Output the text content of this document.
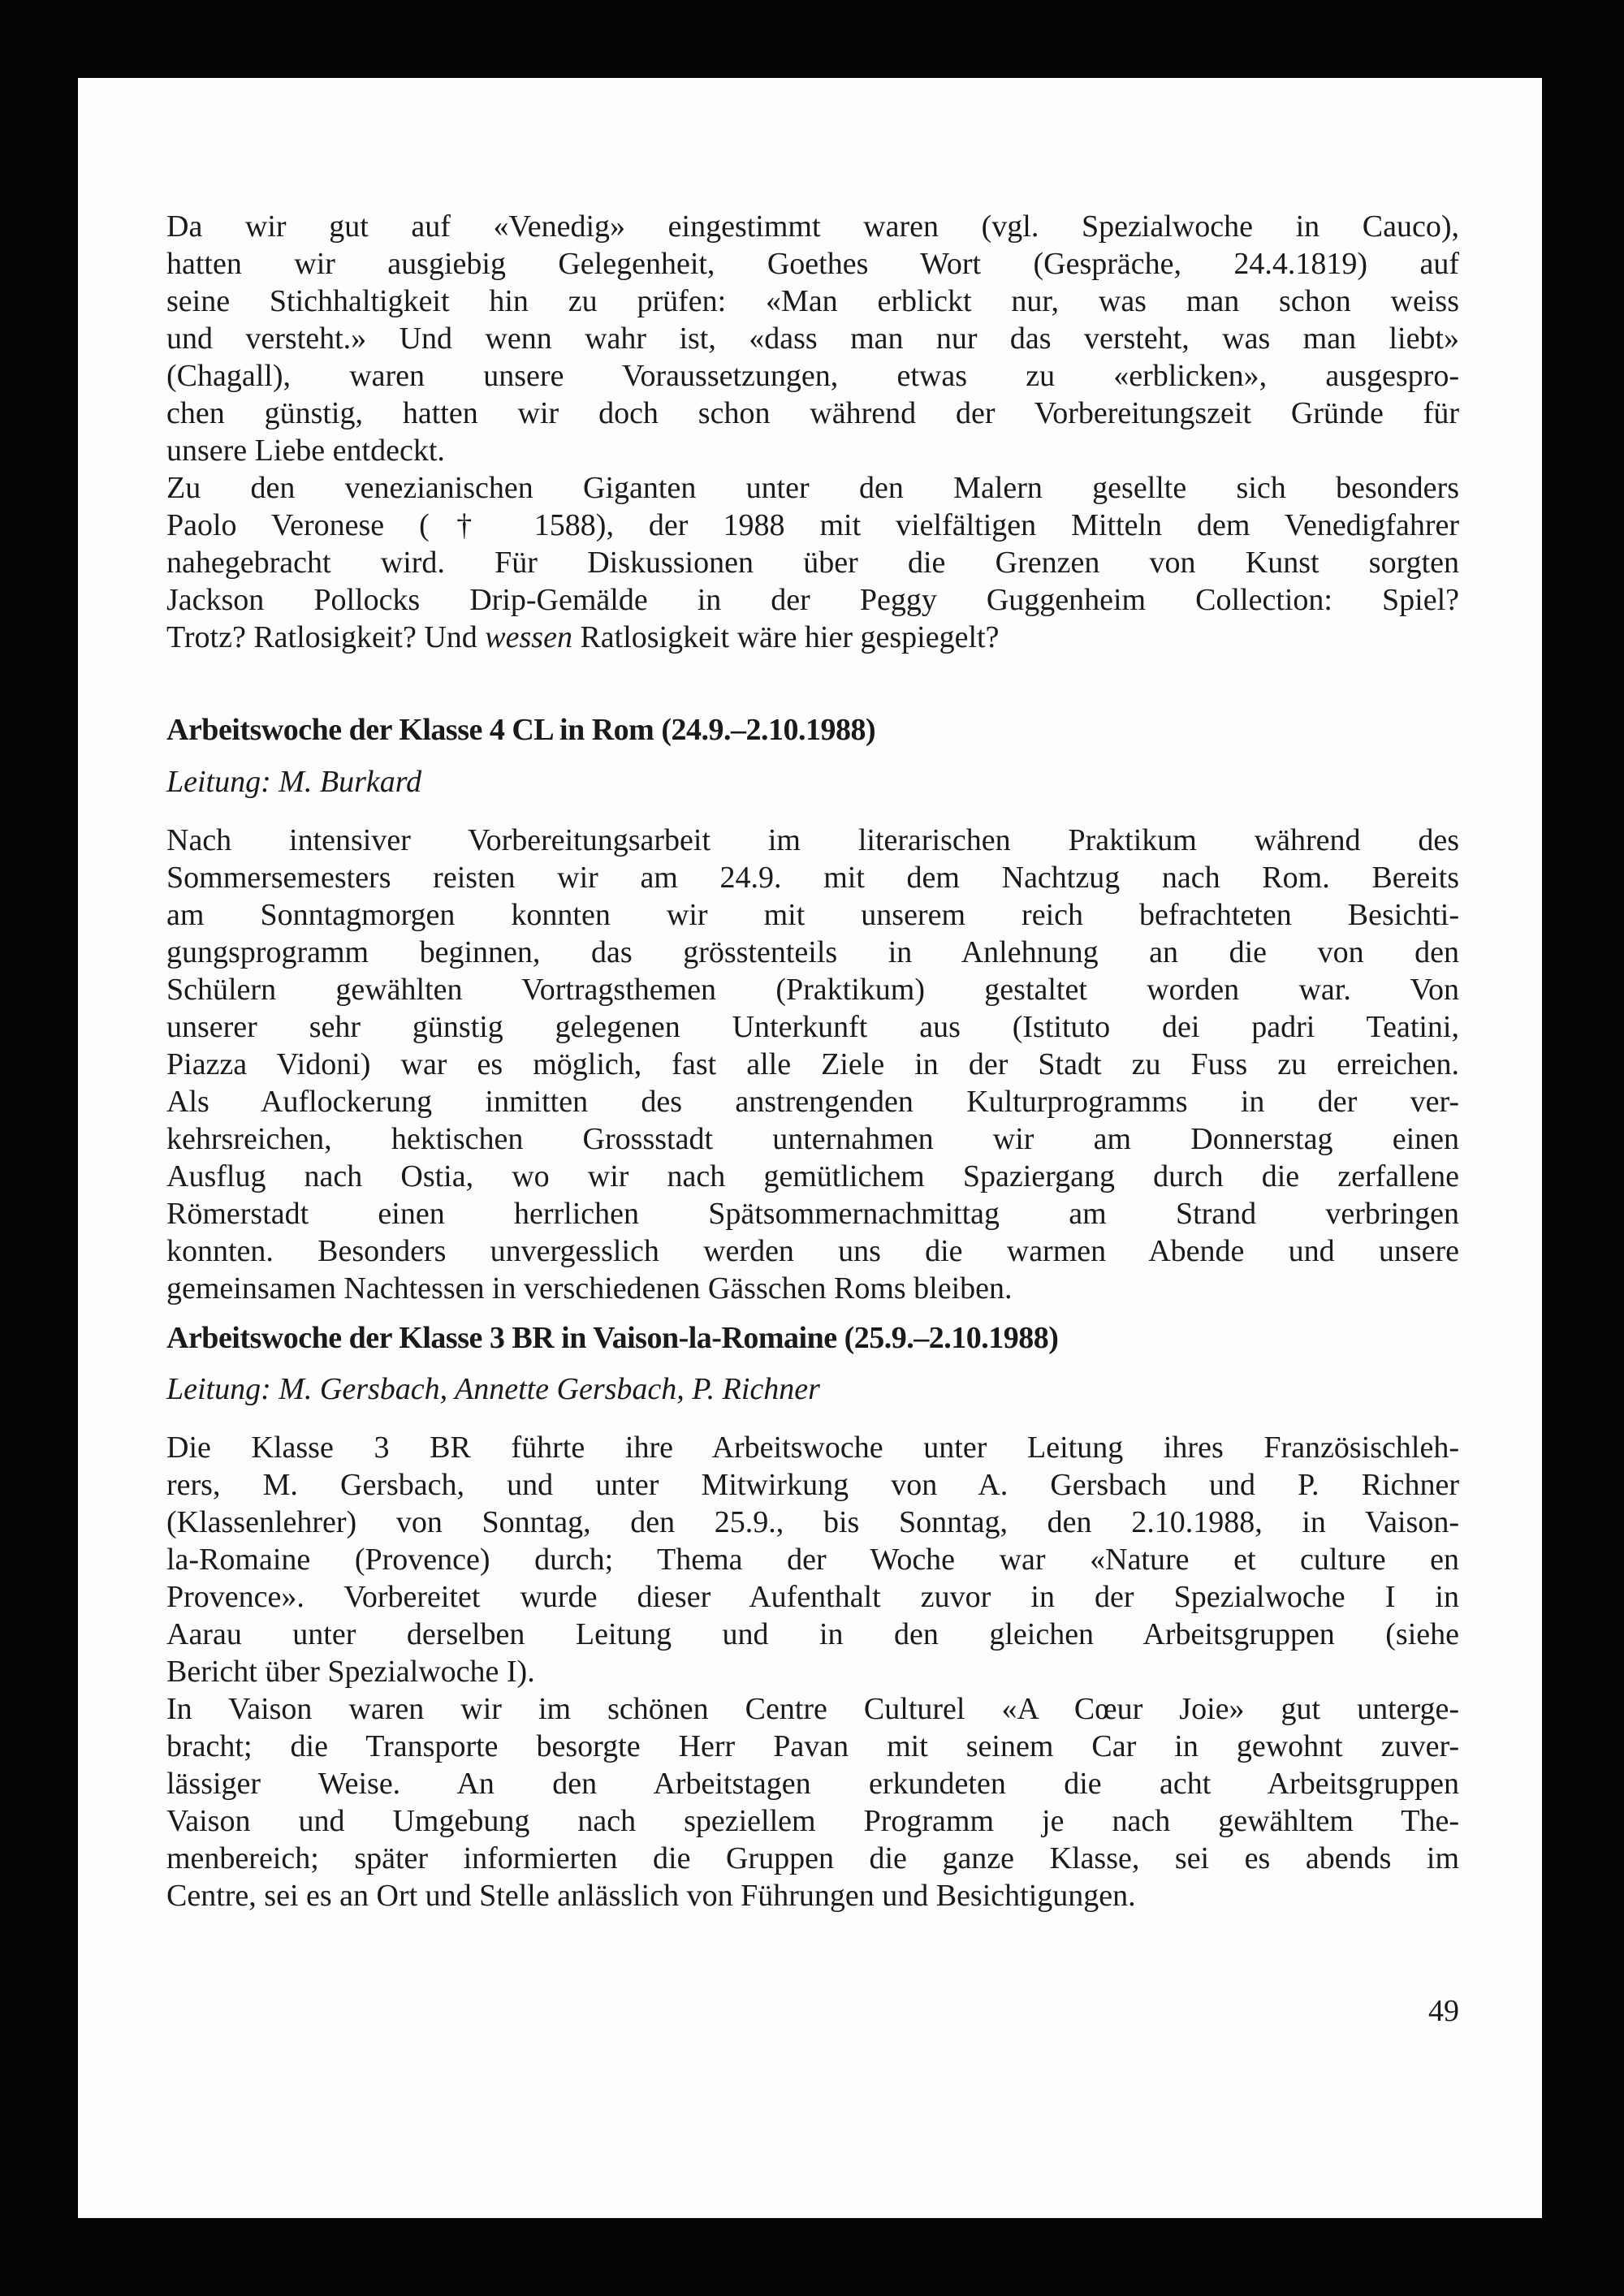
Da wir gut auf «Venedig» eingestimmt waren (vgl. Spezialwoche in Cauco),
hatten wir ausgiebig Gelegenheit, Goethes Wort (Gespräche, 24.4.1819) auf
seine Stichhaltigkeit hin zu prüfen: «Man erblickt nur, was man schon weiss
und versteht.» Und wenn wahr ist, «dass man nur das versteht, was man liebt»
(Chagall), waren unsere Voraussetzungen, etwas zu «erblicken», ausgespro-
chen günstig, hatten wir doch schon während der Vorbereitungszeit Gründe für
unsere Liebe entdeckt.
Zu den venezianischen Giganten unter den Malern gesellte sich besonders
Paolo Veronese († 1588), der 1988 mit vielfältigen Mitteln dem Venedigfahrer
nahegebracht wird. Für Diskussionen über die Grenzen von Kunst sorgten
Jackson Pollocks Drip-Gemälde in der Peggy Guggenheim Collection: Spiel?
Trotz? Ratlosigkeit? Und wessen Ratlosigkeit wäre hier gespiegelt?
Arbeitswoche der Klasse 4 CL in Rom (24.9.–2.10.1988)
Leitung: M. Burkard
Nach intensiver Vorbereitungsarbeit im literarischen Praktikum während des
Sommersemesters reisten wir am 24.9. mit dem Nachtzug nach Rom. Bereits
am Sonntagmorgen konnten wir mit unserem reich befrachteten Besichti-
gungsprogramm beginnen, das grösstenteils in Anlehnung an die von den
Schülern gewählten Vortragsthemen (Praktikum) gestaltet worden war. Von
unserer sehr günstig gelegenen Unterkunft aus (Istituto dei padri Teatini,
Piazza Vidoni) war es möglich, fast alle Ziele in der Stadt zu Fuss zu erreichen.
Als Auflockerung inmitten des anstrengenden Kulturprogramms in der ver-
kehrsreichen, hektischen Grossstadt unternahmen wir am Donnerstag einen
Ausflug nach Ostia, wo wir nach gemütlichem Spaziergang durch die zerfallene
Römerstadt einen herrlichen Spätsommernachmittag am Strand verbringen
konnten. Besonders unvergesslich werden uns die warmen Abende und unsere
gemeinsamen Nachtessen in verschiedenen Gässchen Roms bleiben.
Arbeitswoche der Klasse 3 BR in Vaison-la-Romaine (25.9.–2.10.1988)
Leitung: M. Gersbach, Annette Gersbach, P. Richner
Die Klasse 3 BR führte ihre Arbeitswoche unter Leitung ihres Französischleh-
rers, M. Gersbach, und unter Mitwirkung von A. Gersbach und P. Richner
(Klassenlehrer) von Sonntag, den 25.9., bis Sonntag, den 2.10.1988, in Vaison-
la-Romaine (Provence) durch; Thema der Woche war «Nature et culture en
Provence». Vorbereitet wurde dieser Aufenthalt zuvor in der Spezialwoche I in
Aarau unter derselben Leitung und in den gleichen Arbeitsgruppen (siehe
Bericht über Spezialwoche I).
In Vaison waren wir im schönen Centre Culturel «A Cœur Joie» gut unterge-
bracht; die Transporte besorgte Herr Pavan mit seinem Car in gewohnt zuver-
lässiger Weise. An den Arbeitstagen erkundeten die acht Arbeitsgruppen
Vaison und Umgebung nach speziellem Programm je nach gewähltem The-
menbereich; später informierten die Gruppen die ganze Klasse, sei es abends im
Centre, sei es an Ort und Stelle anlässlich von Führungen und Besichtigungen.
49
